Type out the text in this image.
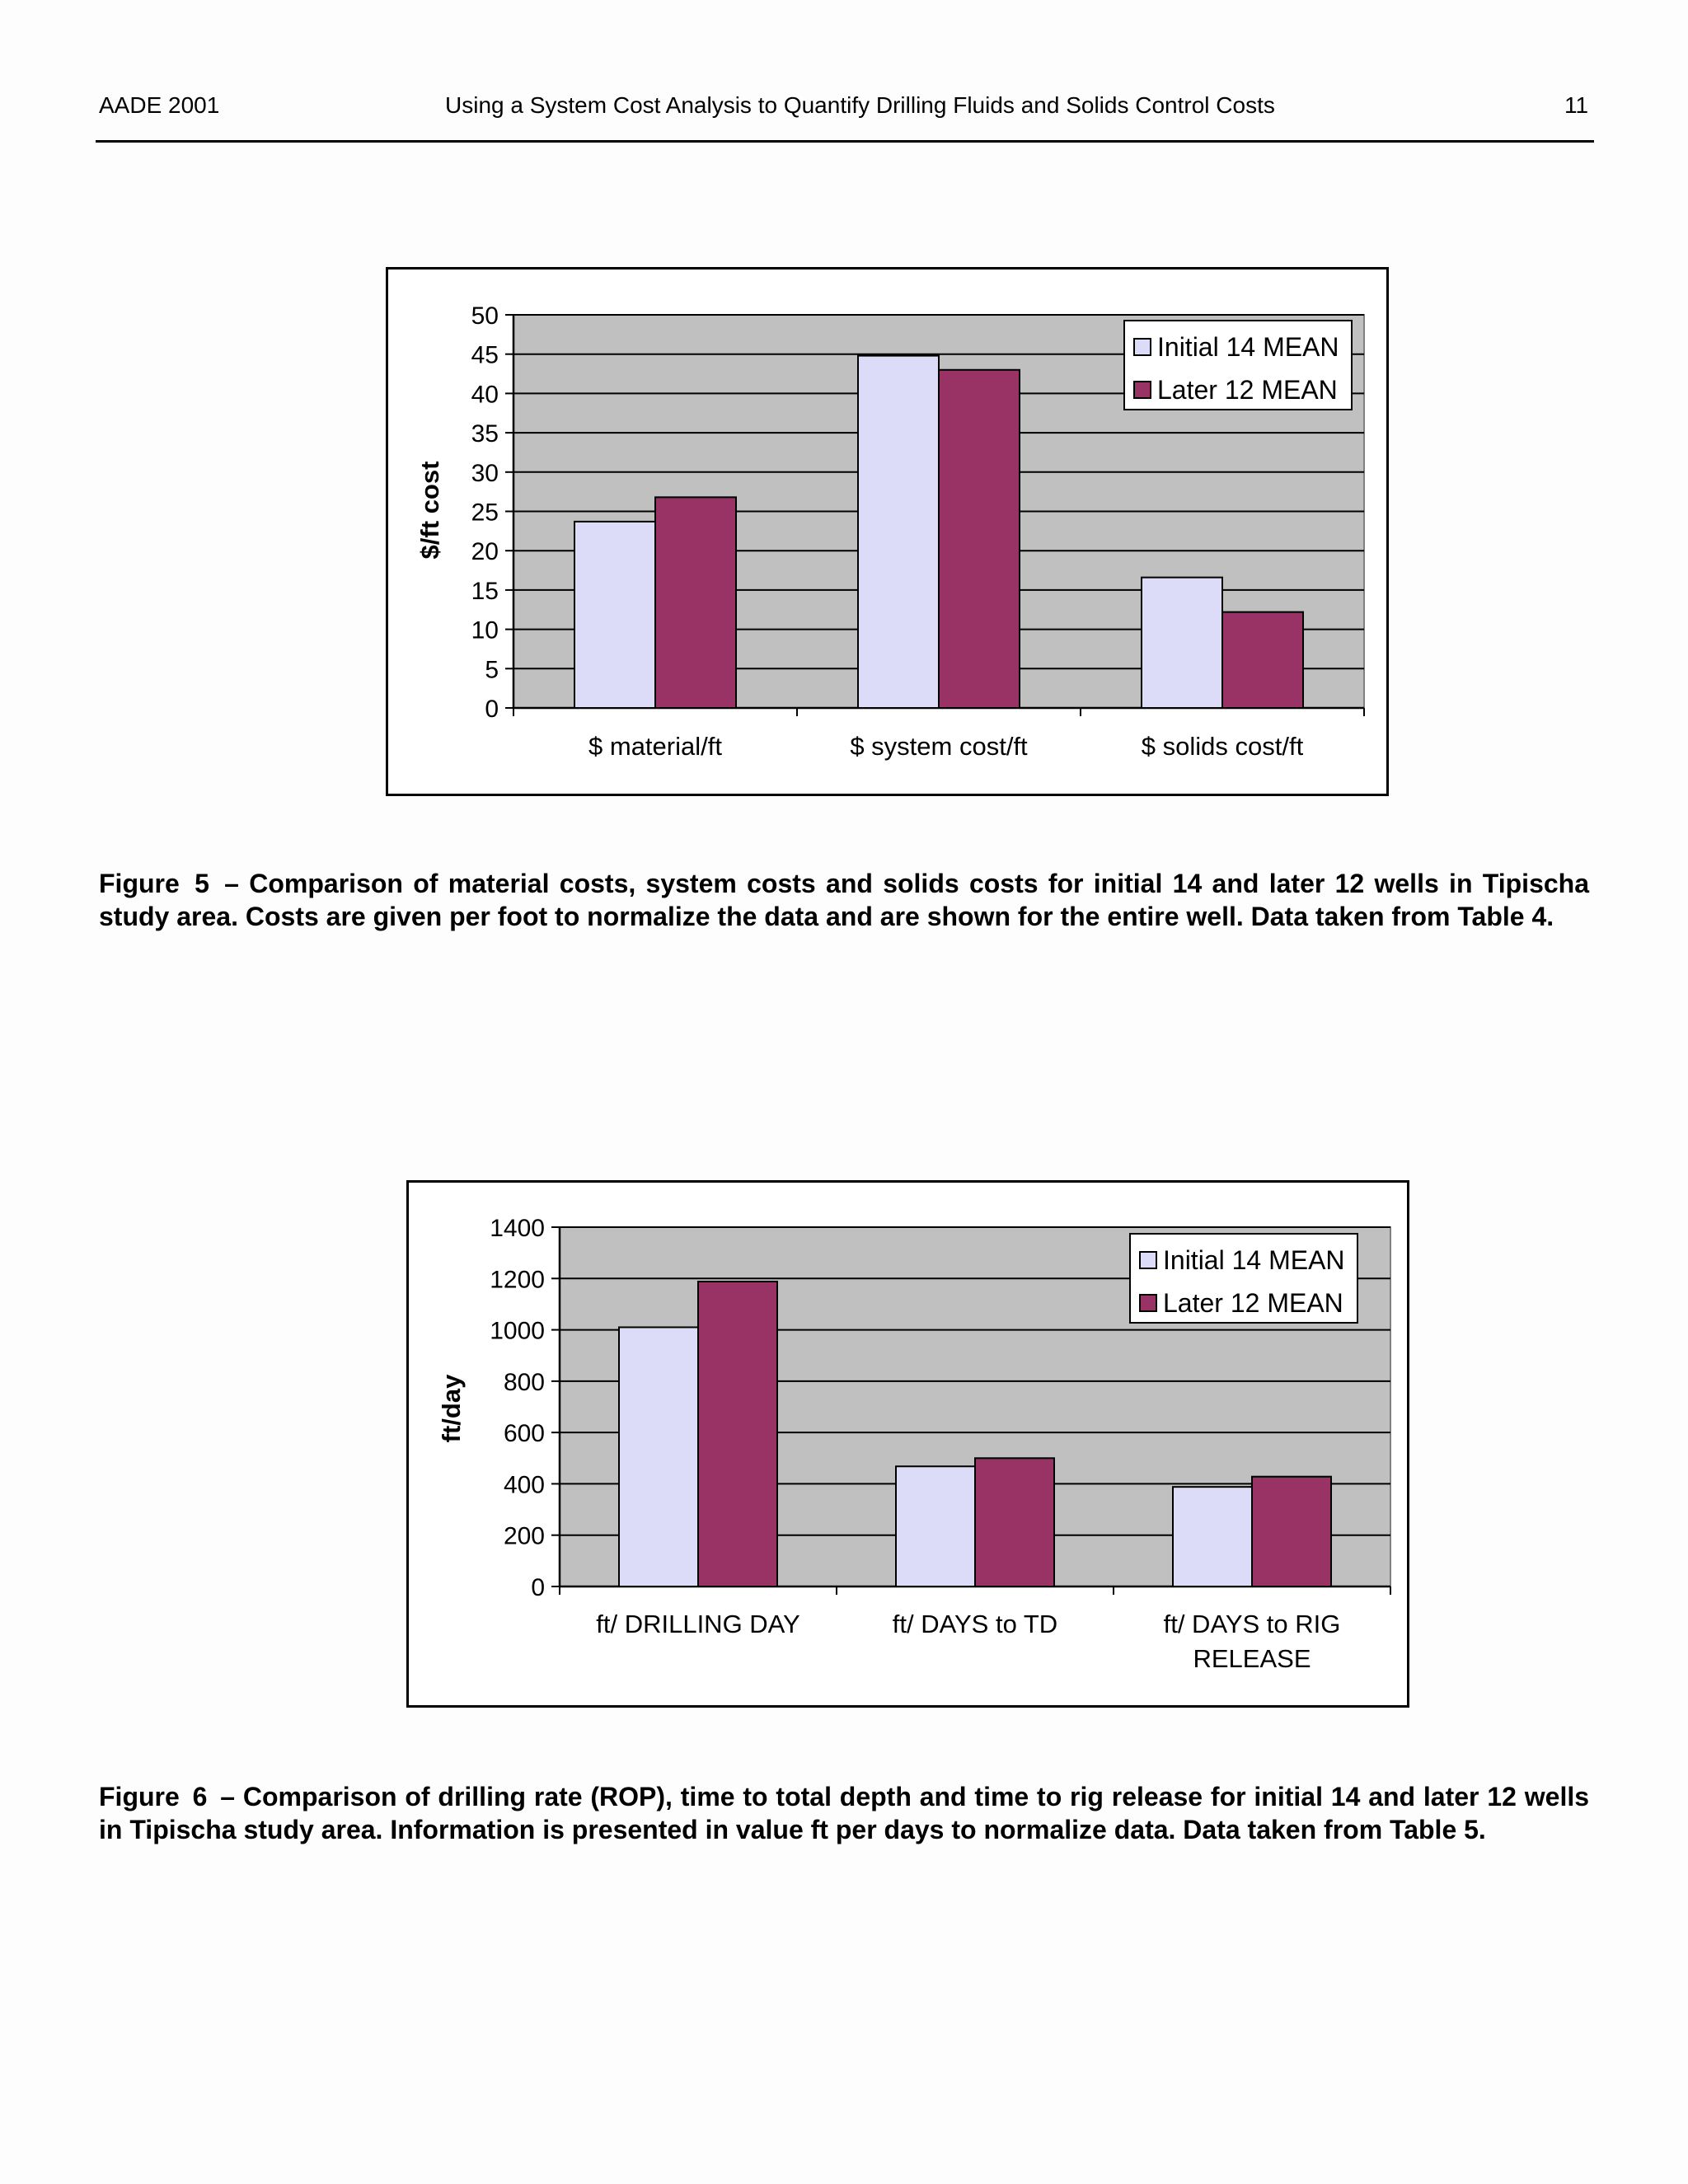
AADE 2001	Using a System Cost Analysis to Quantify Drilling Fluids and Solids Control Costs	11
0
5
10
15
20
25
30
35
40
45
50
$ material/ft	$ system cost/ft	$ solids cost/ft
$/ft cost
Initial 14 MEAN
Later 12 MEAN
Figure 5 – Comparison of material costs, system costs and solids costs for initial 14 and later 12 wells in Tipischa study area. Costs are given per foot to normalize the data and are shown for the entire well. Data taken from Table 4.
0
200
400
600
800
1000
1200
1400
ft/ DRILLING DAY	ft/ DAYS to TD	ft/ DAYS to RIG
RELEASE
ft/day
Initial 14 MEAN
Later 12 MEAN
Figure 6 – Comparison of drilling rate (ROP), time to total depth and time to rig release for initial 14 and later 12 wells in Tipischa study area. Information is presented in value ft per days to normalize data. Data taken from Table 5.
